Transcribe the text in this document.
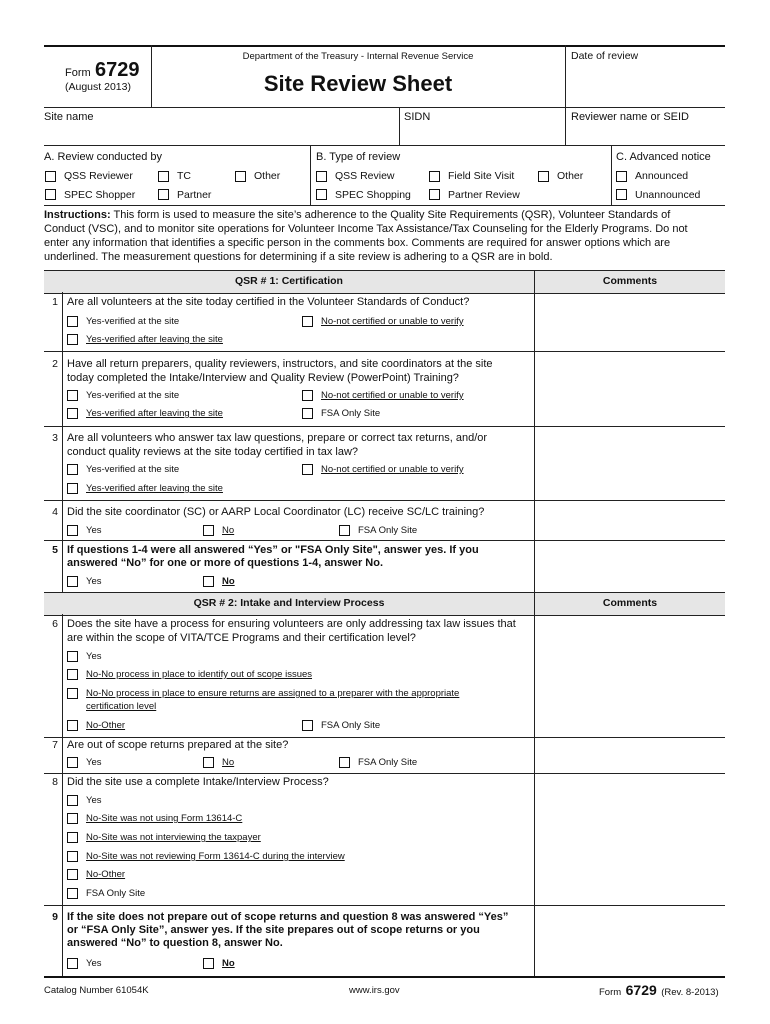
Form 6729
(August 2013)
Department of the Treasury - Internal Revenue Service
Site Review Sheet
Date of review
Site name	SIDN	Reviewer name or SEID
A. Review conducted by
QSS Reviewer	TC	Other
SPEC Shopper	Partner
B. Type of review
QSS Review	Field Site Visit	Other
SPEC Shopping	Partner Review
C. Advanced notice
Announced
Unannounced
Instructions: This form is used to measure the site’s adherence to the Quality Site Requirements (QSR), Volunteer Standards of
Conduct (VSC), and to monitor site operations for Volunteer Income Tax Assistance/Tax Counseling for the Elderly Programs. Do not
enter any information that identifies a specific person in the comments box. Comments are required for answer options which are
underlined. The measurement questions for determining if a site review is adhering to a QSR are in bold.
QSR # 1: Certification	Comments
1 Are all volunteers at the site today certified in the Volunteer Standards of Conduct?
Yes-verified at the site	No-not certified or unable to verify
Yes-verified after leaving the site
2 Have all return preparers, quality reviewers, instructors, and site coordinators at the site
today completed the Intake/Interview and Quality Review (PowerPoint) Training?
Yes-verified at the site	No-not certified or unable to verify
Yes-verified after leaving the site	FSA Only Site
3 Are all volunteers who answer tax law questions, prepare or correct tax returns, and/or
conduct quality reviews at the site today certified in tax law?
Yes-verified at the site	No-not certified or unable to verify
Yes-verified after leaving the site
4 Did the site coordinator (SC) or AARP Local Coordinator (LC) receive SC/LC training?
Yes	No	FSA Only Site
5 If questions 1-4 were all answered “Yes” or "FSA Only Site", answer yes. If you
answered “No” for one or more of questions 1-4, answer No.
Yes	No
QSR # 2: Intake and Interview Process	Comments
6 Does the site have a process for ensuring volunteers are only addressing tax law issues that
are within the scope of VITA/TCE Programs and their certification level?
Yes
No-No process in place to identify out of scope issues
No-No process in place to ensure returns are assigned to a preparer with the appropriate
certification level
No-Other	FSA Only Site
7 Are out of scope returns prepared at the site?
Yes	No	FSA Only Site
8 Did the site use a complete Intake/Interview Process?
Yes
No-Site was not using Form 13614-C
No-Site was not interviewing the taxpayer
No-Site was not reviewing Form 13614-C during the interview
No-Other
FSA Only Site
9 If the site does not prepare out of scope returns and question 8 was answered “Yes”
or “FSA Only Site”, answer yes. If the site prepares out of scope returns or you
answered “No” to question 8, answer No.
Yes	No
Catalog Number 61054K	www.irs.gov	Form 6729 (Rev. 8-2013)
